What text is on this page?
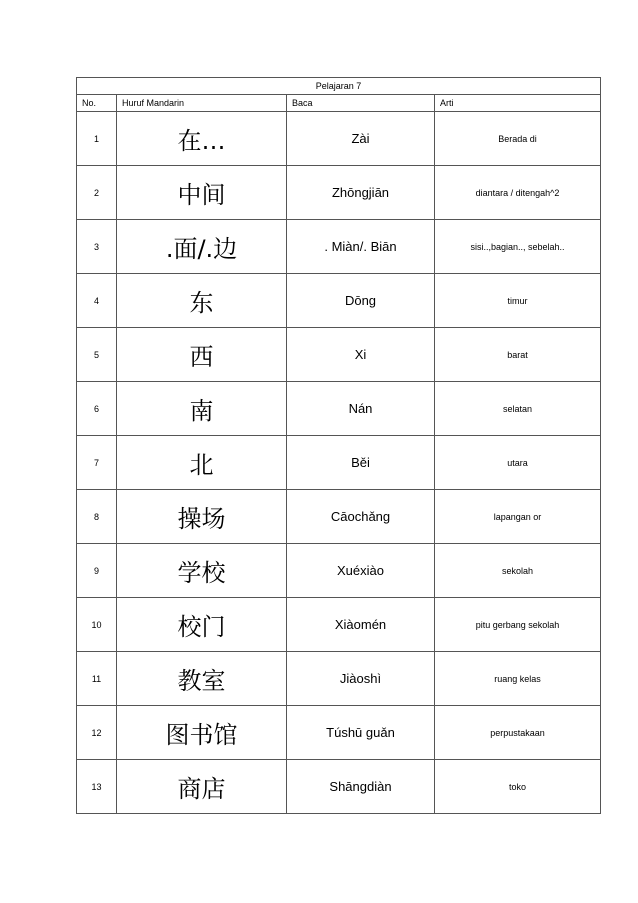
Pelajaran 7			
No.	Huruf Mandarin	Baca	Arti
1	在…	Zài	Berada di
2	中间	Zhōngjiān	diantara / ditengah^2
3	.面/.边	. Miàn/. Biān	sisi..,bagian.., sebelah..
4	东	Dōng	timur
5	西	Xi	barat
6	南	Nán	selatan
7	北	Běi	utara
8	操场	Cāochǎng	lapangan or
9	学校	Xuéxiào	sekolah
10	校门	Xiàomén	pitu gerbang sekolah
11	教室	Jiàoshì	ruang kelas
12	图书馆	Túshū guǎn	perpustakaan
13	商店	Shāngdiàn	toko
